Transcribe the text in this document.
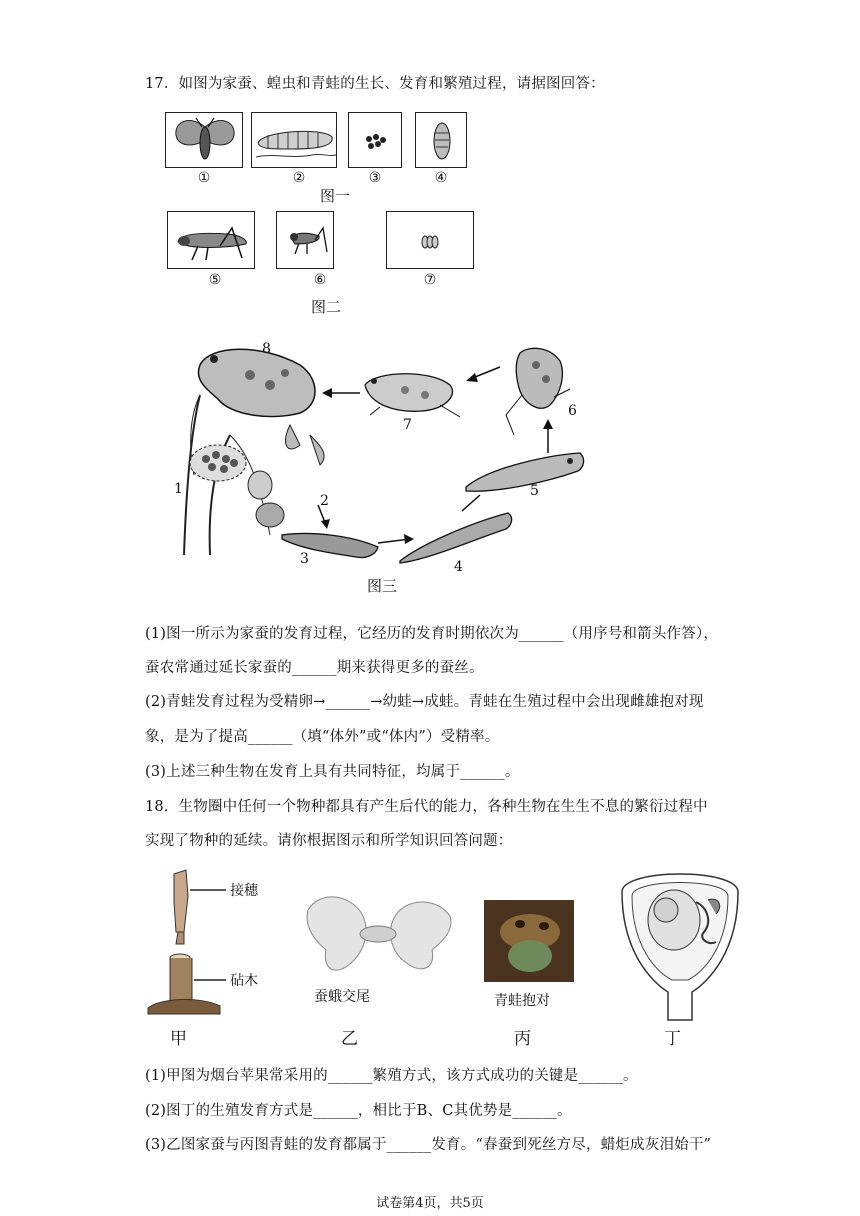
17．如图为家蚕、蝗虫和青蛙的生长、发育和繁殖过程，请据图回答：
①	②	③	④
图一
⑤	⑥	⑦
图二
8
7
6
1
2
3	4
5
图三
(1)图一所示为家蚕的发育过程，它经历的发育时期依次为______（用序号和箭头作答），
蚕农常通过延长家蚕的______期来获得更多的蚕丝。
(2)青蛙发育过程为受精卵→______→幼蛙→成蛙。青蛙在生殖过程中会出现雌雄抱对现
象，是为了提高______（填“体外”或“体内”）受精率。
(3)上述三种生物在发育上具有共同特征，均属于______。
18．生物圈中任何一个物种都具有产生后代的能力，各种生物在生生不息的繁衍过程中
实现了物种的延续。请你根据图示和所学知识回答问题：
接穗
砧木
蚕蛾交尾	青蛙抱对
甲	乙	丙	丁
(1)甲图为烟台苹果常采用的______繁殖方式，该方式成功的关键是______。
(2)图丁的生殖发育方式是______，相比于B、C其优势是______。
(3)乙图家蚕与丙图青蛙的发育都属于______发育。“春蚕到死丝方尽，蜡炬成灰泪始干”
试卷第4页，共5页
